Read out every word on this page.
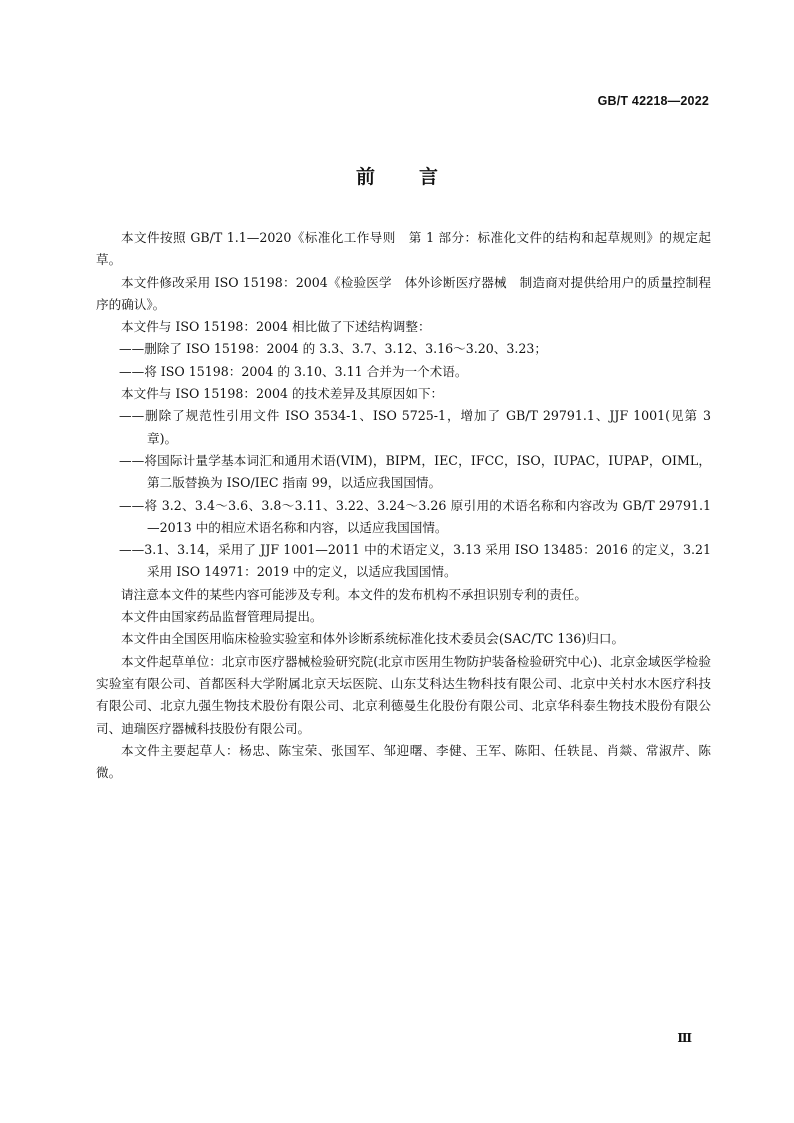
GB/T 42218—2022
前 言

本文件按照 GB/T 1.1—2020《标准化工作导则　第 1 部分：标准化文件的结构和起草规则》的规定起草。

本文件修改采用 ISO 15198：2004《检验医学　体外诊断医疗器械　制造商对提供给用户的质量控制程序的确认》。

本文件与 ISO 15198：2004 相比做了下述结构调整：

——删除了 ISO 15198：2004 的 3.3、3.7、3.12、3.16～3.20、3.23；

——将 ISO 15198：2004 的 3.10、3.11 合并为一个术语。

本文件与 ISO 15198：2004 的技术差异及其原因如下：

——删除了规范性引用文件 ISO 3534-1、ISO 5725-1，增加了 GB/T 29791.1、JJF 1001(见第 3 章)。

——将国际计量学基本词汇和通用术语(VIM)，BIPM，IEC，IFCC，ISO，IUPAC，IUPAP，OIML，第二版替换为 ISO/IEC 指南 99，以适应我国国情。

——将 3.2、3.4～3.6、3.8～3.11、3.22、3.24～3.26 原引用的术语名称和内容改为 GB/T 29791.1—2013 中的相应术语名称和内容，以适应我国国情。

——3.1、3.14，采用了 JJF 1001—2011 中的术语定义，3.13 采用 ISO 13485：2016 的定义，3.21 采用 ISO 14971：2019 中的定义，以适应我国国情。

请注意本文件的某些内容可能涉及专利。本文件的发布机构不承担识别专利的责任。

本文件由国家药品监督管理局提出。

本文件由全国医用临床检验实验室和体外诊断系统标准化技术委员会(SAC/TC 136)归口。

本文件起草单位：北京市医疗器械检验研究院(北京市医用生物防护装备检验研究中心)、北京金域医学检验实验室有限公司、首都医科大学附属北京天坛医院、山东艾科达生物科技有限公司、北京中关村水木医疗科技有限公司、北京九强生物技术股份有限公司、北京利德曼生化股份有限公司、北京华科泰生物技术股份有限公司、迪瑞医疗器械科技股份有限公司。

本文件主要起草人：杨忠、陈宝荣、张国军、邹迎曙、李健、王军、陈阳、任轶昆、肖燚、常淑芹、陈微。

Ⅲ
